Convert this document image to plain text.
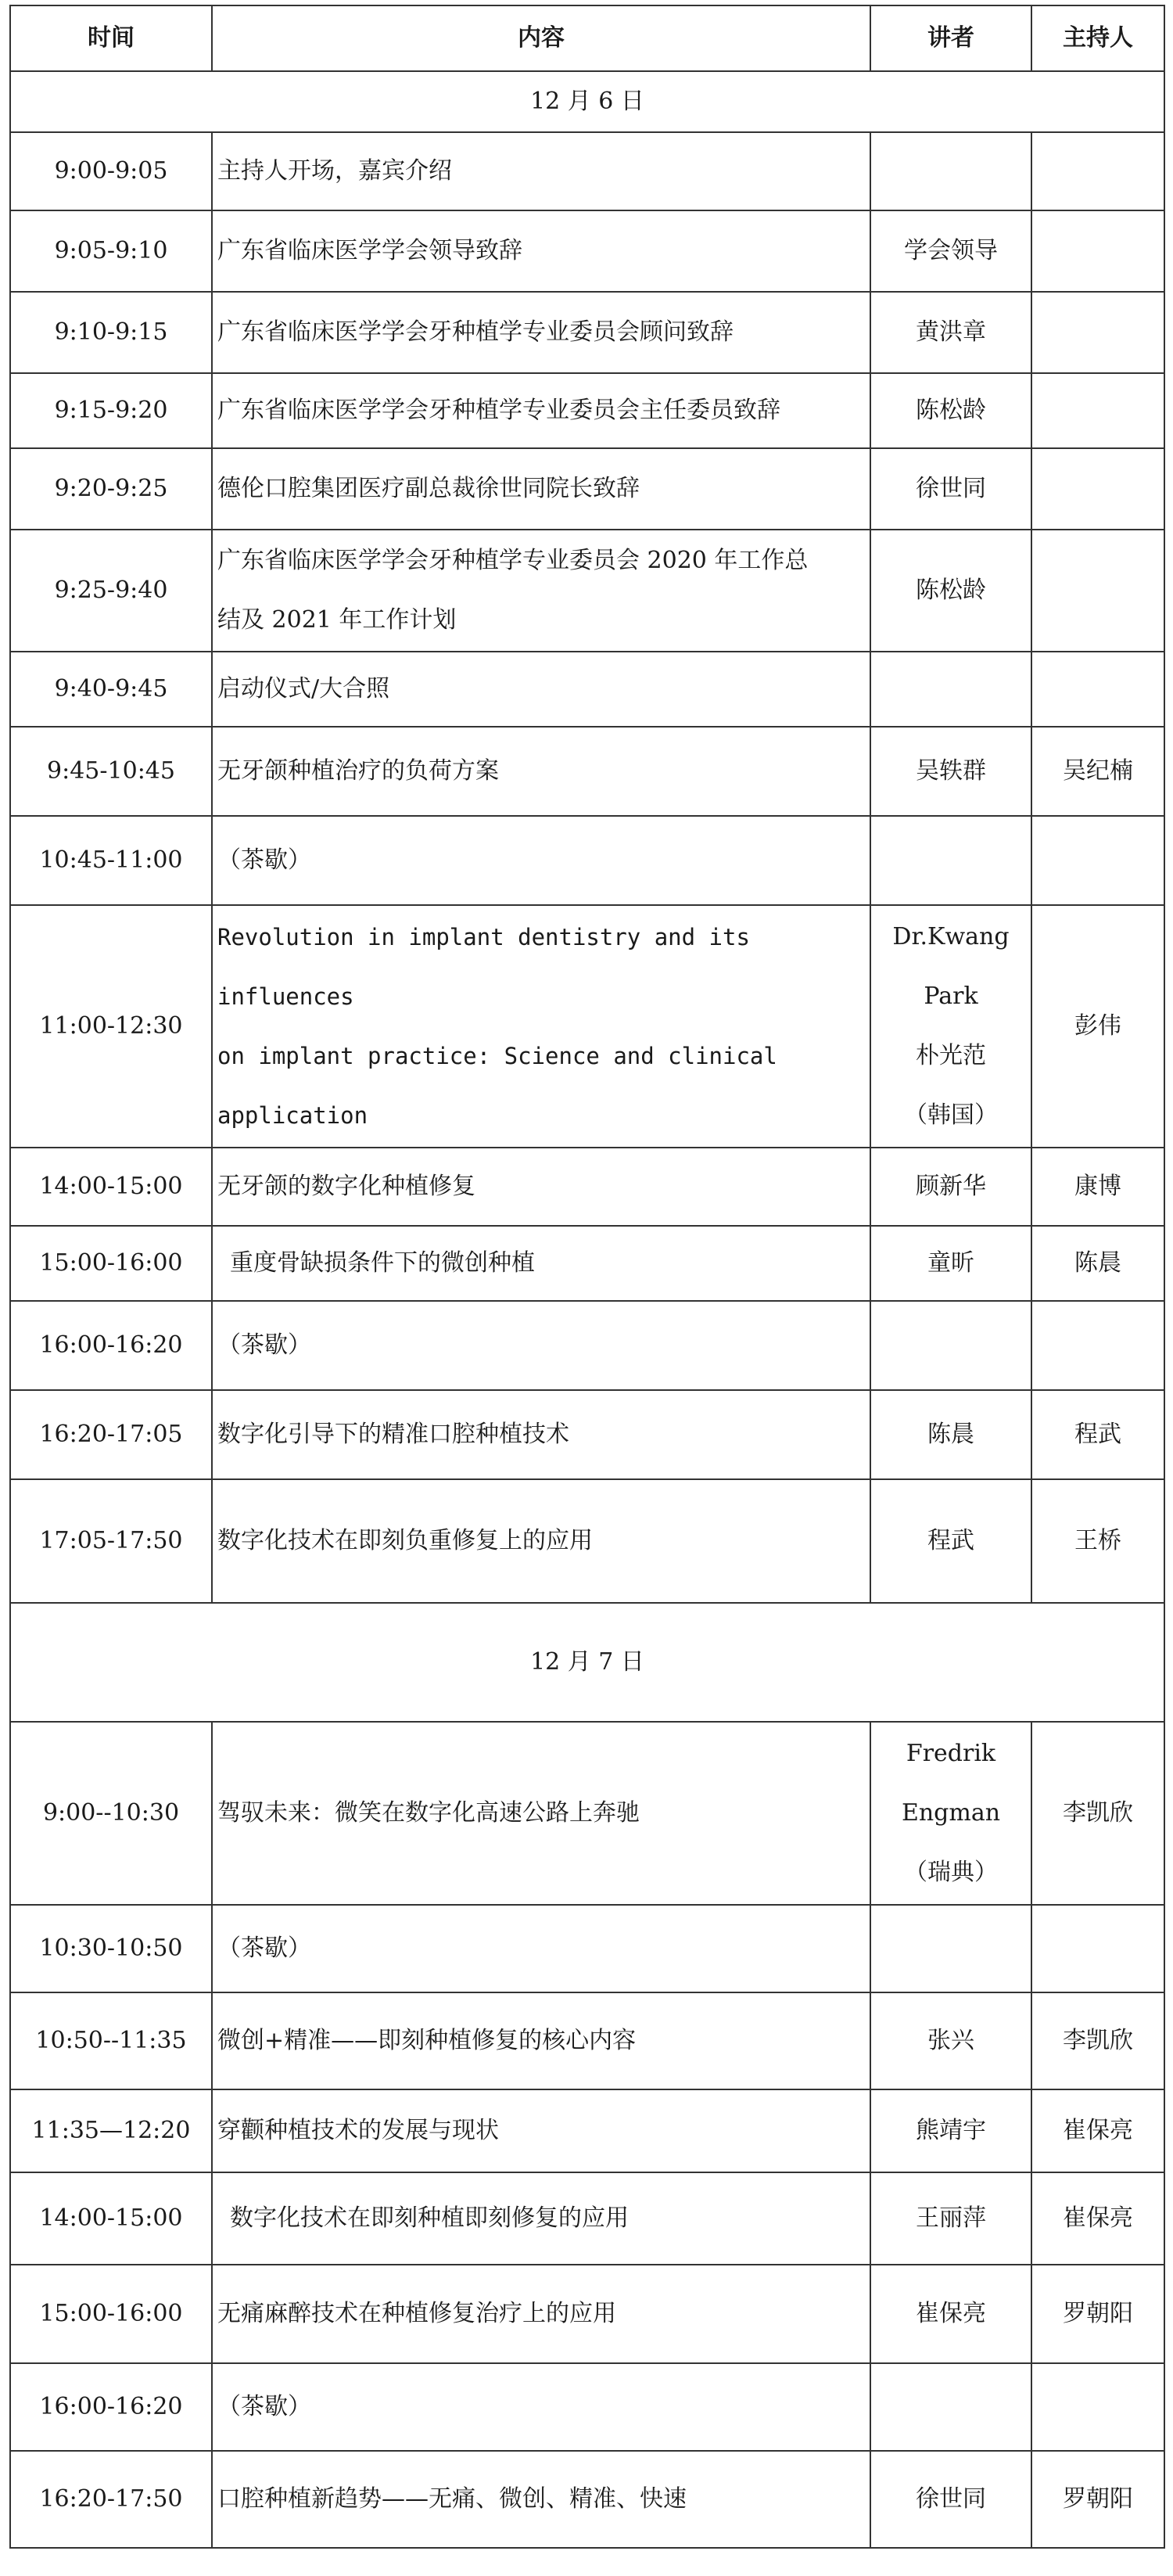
时间	内容	讲者	主持人
12 月 6 日			
9:00-9:05	主持人开场，嘉宾介绍		

9:05-9:10	广东省临床医学学会领导致辞	学会领导	

9:10-9:15	广东省临床医学学会牙种植学专业委员会顾问致辞	黄洪章	

9:15-9:20	广东省临床医学学会牙种植学专业委员会主任委员致辞	陈松龄	

9:20-9:25	德伦口腔集团医疗副总裁徐世同院长致辞	徐世同	

9:25-9:40	广东省临床医学学会牙种植学专业委员会 2020 年工作总
结及 2021 年工作计划	陈松龄	

9:40-9:45	启动仪式/大合照		

9:45-10:45	无牙颌种植治疗的负荷方案	吴轶群	吴纪楠
10:45-11:00	（茶歇）		

11:00-12:30	Revolution in implant dentistry and its influences
on implant practice: Science and clinical
application	Dr.Kwang
Park
朴光范
（韩国）	彭伟
14:00-15:00	无牙颌的数字化种植修复	顾新华	康博
15:00-16:00	重度骨缺损条件下的微创种植	童昕	陈晨
16:00-16:20	（茶歇）		

16:20-17:05	数字化引导下的精准口腔种植技术	陈晨	程武
17:05-17:50	数字化技术在即刻负重修复上的应用	程武	王桥
12 月 7 日			
9:00--10:30	驾驭未来：微笑在数字化高速公路上奔驰	Fredrik
Engman
（瑞典）	李凯欣
10:30-10:50	（茶歇）		

10:50--11:35	微创+精准——即刻种植修复的核心内容	张兴	李凯欣
11:35—12:20	穿颧种植技术的发展与现状	熊靖宇	崔保亮
14:00-15:00	数字化技术在即刻种植即刻修复的应用	王丽萍	崔保亮
15:00-16:00	无痛麻醉技术在种植修复治疗上的应用	崔保亮	罗朝阳
16:00-16:20	（茶歇）		

16:20-17:50	口腔种植新趋势——无痛、微创、精准、快速	徐世同	罗朝阳
